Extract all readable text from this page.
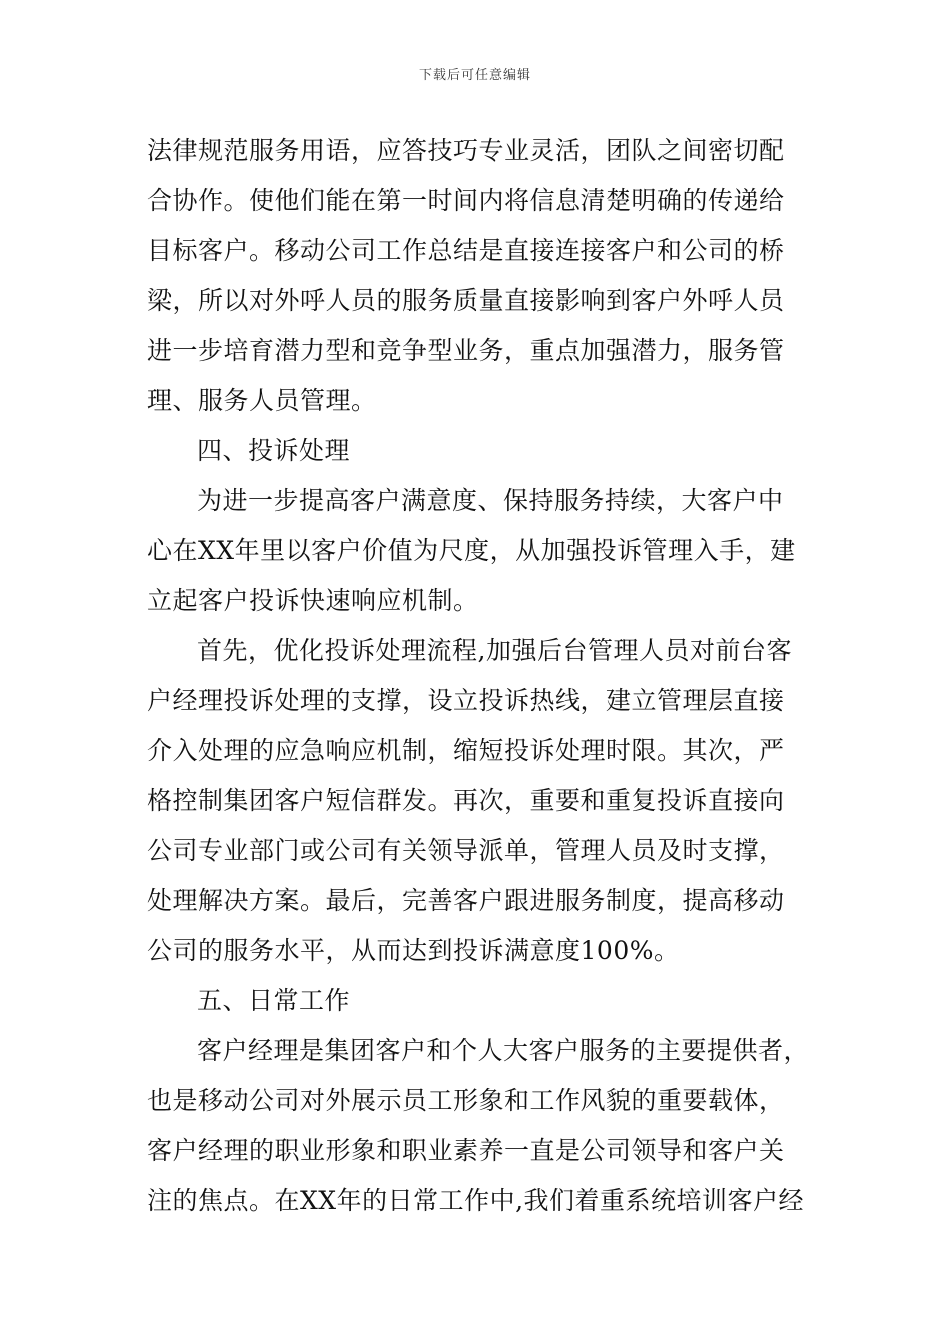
下载后可任意编辑
法律规范服务用语，应答技巧专业灵活，团队之间密切配
合协作。使他们能在第一时间内将信息清楚明确的传递给
目标客户。移动公司工作总结是直接连接客户和公司的桥
梁，所以对外呼人员的服务质量直接影响到客户外呼人员
进一步培育潜力型和竞争型业务，重点加强潜力，服务管
理、服务人员管理。
四、投诉处理
为进一步提高客户满意度、保持服务持续，大客户中
心在XX年里以客户价值为尺度，从加强投诉管理入手，建
立起客户投诉快速响应机制。
首先，优化投诉处理流程,加强后台管理人员对前台客
户经理投诉处理的支撑，设立投诉热线，建立管理层直接
介入处理的应急响应机制，缩短投诉处理时限。其次，严
格控制集团客户短信群发。再次，重要和重复投诉直接向
公司专业部门或公司有关领导派单，管理人员及时支撑，
处理解决方案。最后，完善客户跟进服务制度，提高移动
公司的服务水平，从而达到投诉满意度100%。
五、日常工作
客户经理是集团客户和个人大客户服务的主要提供者，
也是移动公司对外展示员工形象和工作风貌的重要载体，
客户经理的职业形象和职业素养一直是公司领导和客户关
注的焦点。在XX年的日常工作中,我们着重系统培训客户经
